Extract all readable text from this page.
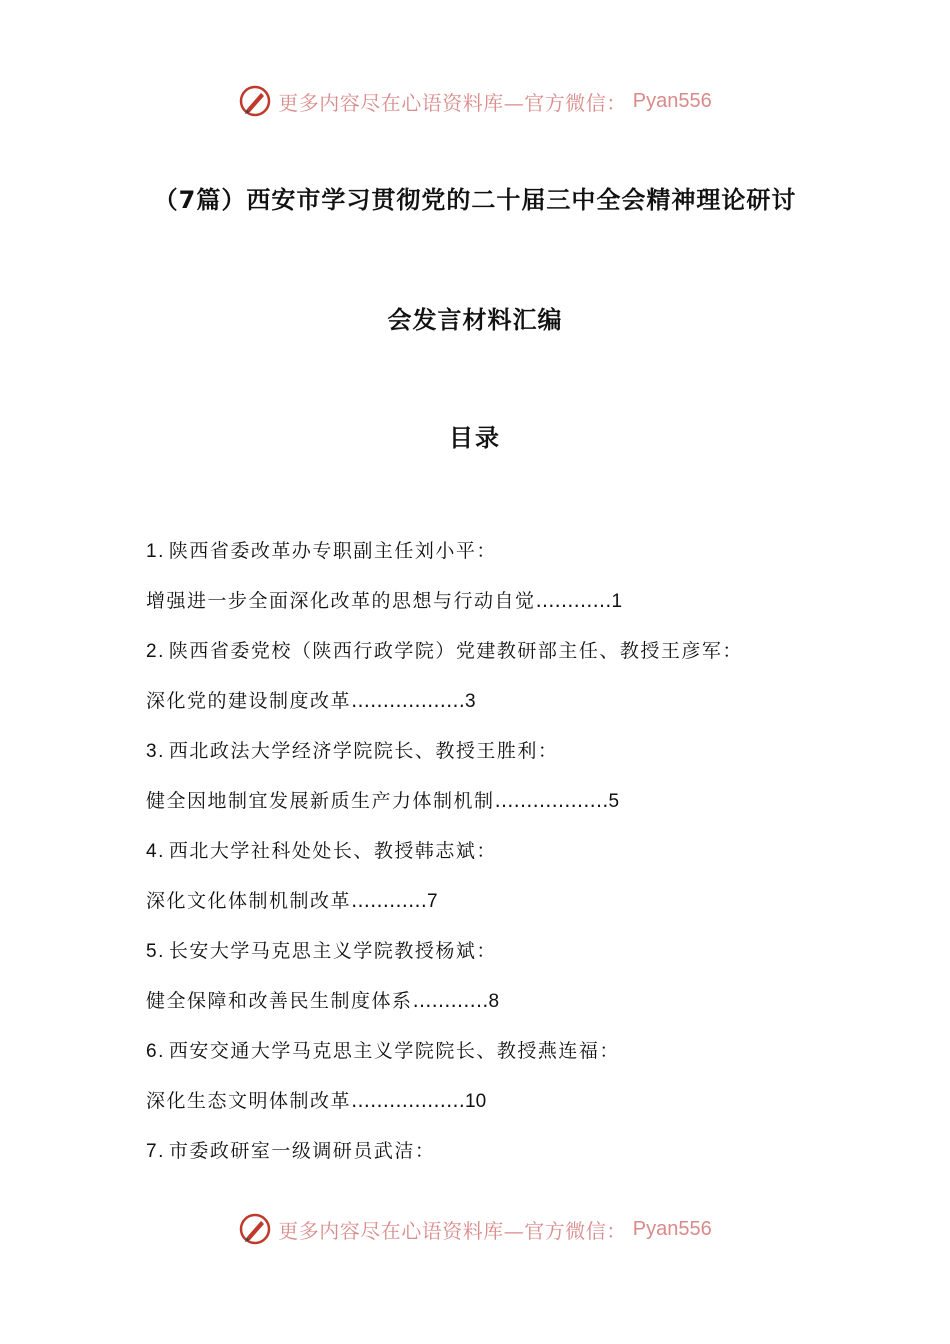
更多内容尽在心语资料库—官方微信： Pyan556
（7篇）西安市学习贯彻党的二十届三中全会精神理论研讨
会发言材料汇编
目录
1. 陕西省委改革办专职副主任刘小平：
增强进一步全面深化改革的思想与行动自觉…………1
2. 陕西省委党校（陕西行政学院）党建教研部主任、教授王彦军：
深化党的建设制度改革………………3
3. 西北政法大学经济学院院长、教授王胜利：
健全因地制宜发展新质生产力体制机制………………5
4. 西北大学社科处处长、教授韩志斌：
深化文化体制机制改革…………7
5. 长安大学马克思主义学院教授杨斌：
健全保障和改善民生制度体系…………8
6. 西安交通大学马克思主义学院院长、教授燕连福：
深化生态文明体制改革………………10
7. 市委政研室一级调研员武洁：
更多内容尽在心语资料库—官方微信： Pyan556
